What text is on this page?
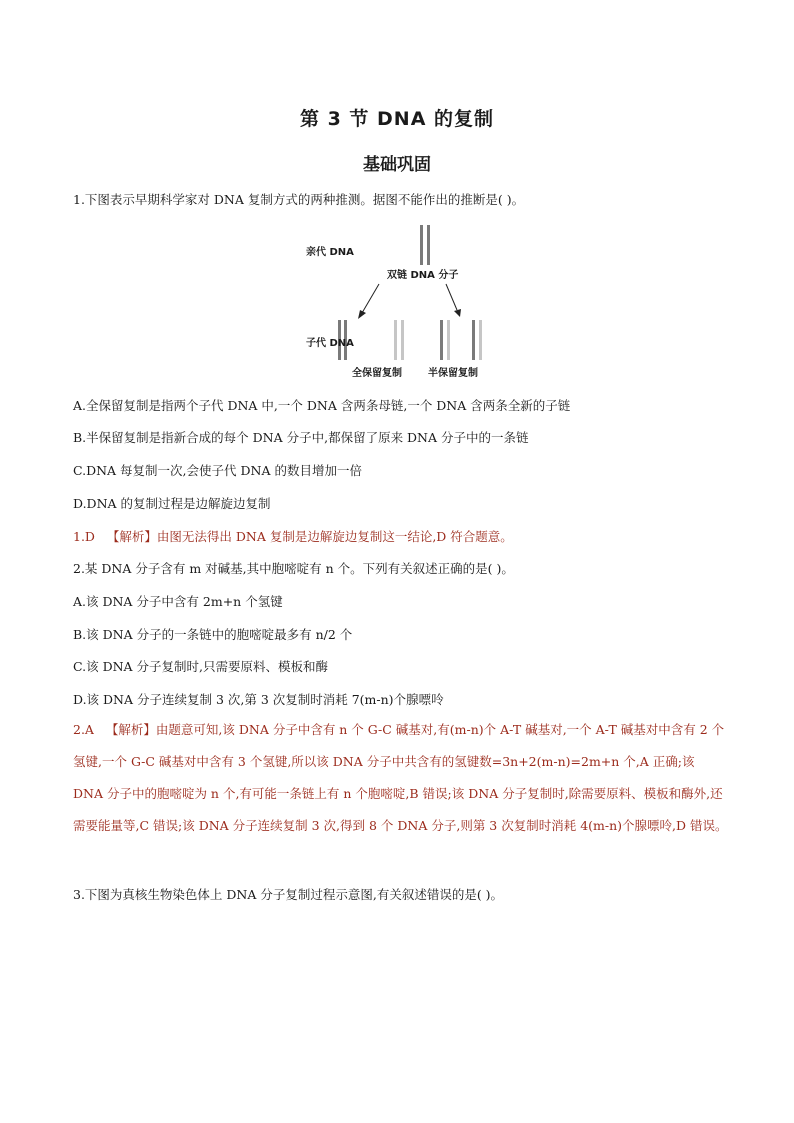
第 3 节 DNA 的复制
基础巩固
1.下图表示早期科学家对 DNA 复制方式的两种推测。据图不能作出的推断是( )。
亲代 DNA
双链 DNA 分子
子代 DNA
全保留复制	半保留复制
A.全保留复制是指两个子代 DNA 中,一个 DNA 含两条母链,一个 DNA 含两条全新的子链
B.半保留复制是指新合成的每个 DNA 分子中,都保留了原来 DNA 分子中的一条链
C.DNA 每复制一次,会使子代 DNA 的数目增加一倍
D.DNA 的复制过程是边解旋边复制
1.D 【解析】由图无法得出 DNA 复制是边解旋边复制这一结论,D 符合题意。
2.某 DNA 分子含有 m 对碱基,其中胞嘧啶有 n 个。下列有关叙述正确的是( )。
A.该 DNA 分子中含有 2m+n 个氢键
B.该 DNA 分子的一条链中的胞嘧啶最多有 n/2 个
C.该 DNA 分子复制时,只需要原料、模板和酶
D.该 DNA 分子连续复制 3 次,第 3 次复制时消耗 7(m-n)个腺嘌呤
2.A 【解析】由题意可知,该 DNA 分子中含有 n 个 G-C 碱基对,有(m-n)个 A-T 碱基对,一个 A-T 碱基对中含有 2 个氢键,一个 G-C 碱基对中含有 3 个氢键,所以该 DNA 分子中共含有的氢键数=3n+2(m-n)=2m+n 个,A 正确;该 DNA 分子中的胞嘧啶为 n 个,有可能一条链上有 n 个胞嘧啶,B 错误;该 DNA 分子复制时,除需要原料、模板和酶外,还需要能量等,C 错误;该 DNA 分子连续复制 3 次,得到 8 个 DNA 分子,则第 3 次复制时消耗 4(m-n)个腺嘌呤,D 错误。
3.下图为真核生物染色体上 DNA 分子复制过程示意图,有关叙述错误的是( )。
